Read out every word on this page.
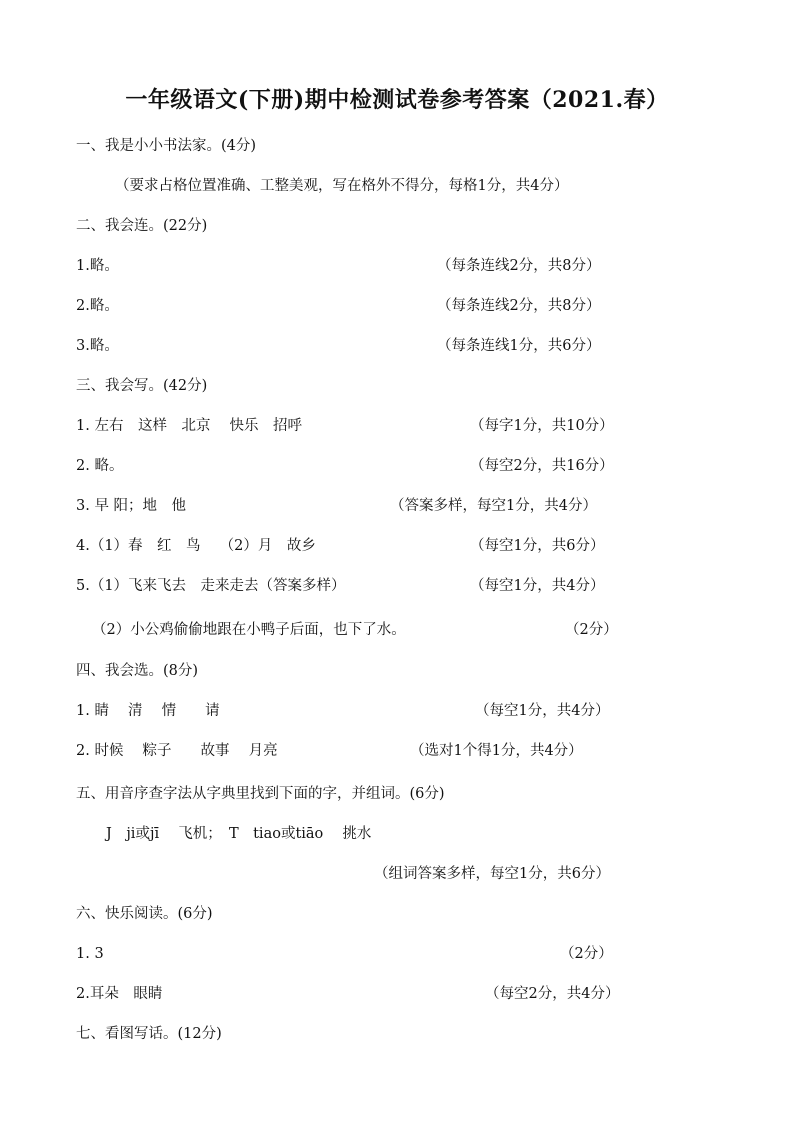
一年级语文(下册)期中检测试卷参考答案（2021.春）
一、我是小小书法家。(4分)
（要求占格位置准确、工整美观，写在格外不得分，每格1分，共4分）
二、我会连。(22分)
1.略。	（每条连线2分，共8分）
2.略。	（每条连线2分，共8分）
3.略。	（每条连线1分，共6分）
三、我会写。(42分)
1. 左右　这样　北京　 快乐　招呼	（每字1分，共10分）
2. 略。	（每空2分，共16分）
3. 早 阳；地　他	（答案多样，每空1分，共4分）
4.（1）春　红　鸟　 （2）月　故乡	（每空1分，共6分）
5.（1）飞来飞去　走来走去（答案多样）	（每空1分，共4分）
（2）小公鸡偷偷地跟在小鸭子后面，也下了水。	（2分）
四、我会选。(8分)
1. 睛　 清　 情　　请	（每空1分，共4分）
2. 时候　 粽子　　故事　 月亮	（选对1个得1分，共4分）
五、用音序查字法从字典里找到下面的字，并组词。(6分)
J　ji或jī　 飞机；　T　tiao或tiāo　 挑水
（组词答案多样，每空1分，共6分）
六、快乐阅读。(6分)
1. 3	（2分）
2.耳朵　眼睛	（每空2分，共4分）
七、看图写话。(12分)
